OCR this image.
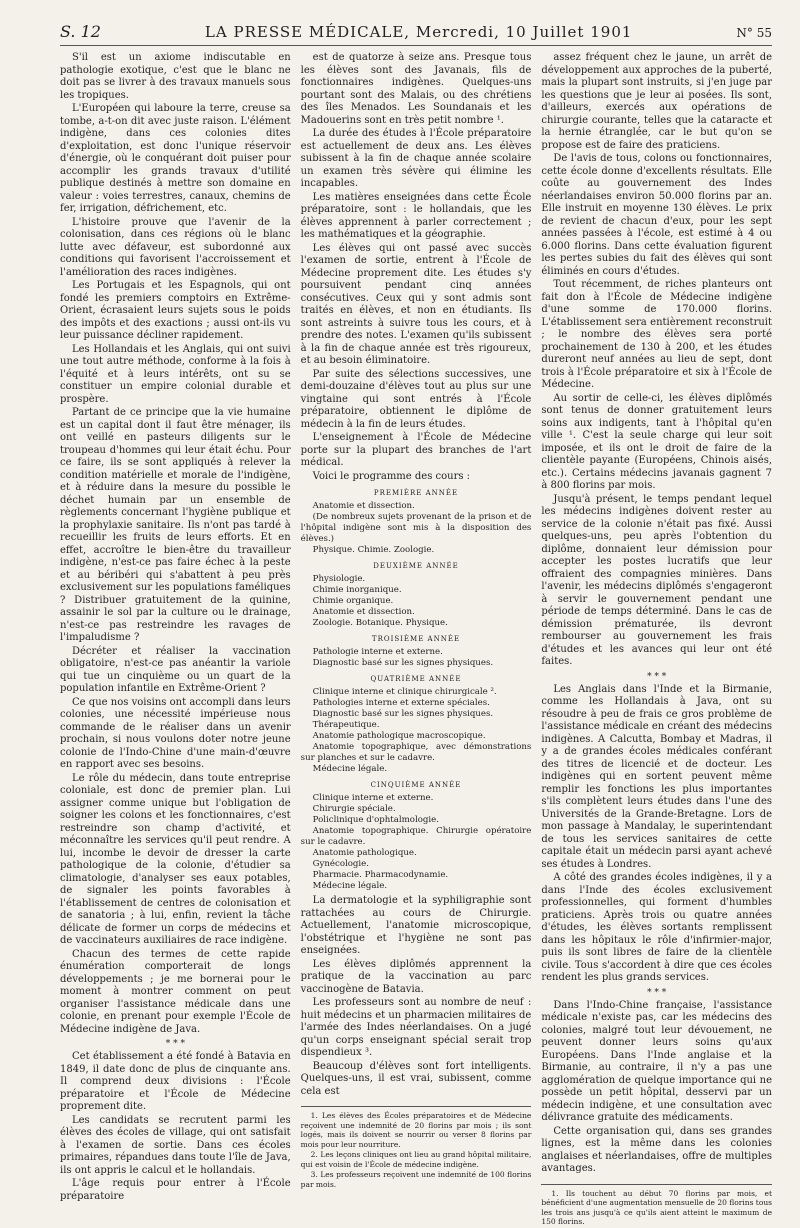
S. 12	LA PRESSE MÉDICALE, Mercredi, 10 Juillet 1901	N° 55

S'il est un axiome indiscutable en pathologie exotique, c'est que le blanc ne doit pas se livrer à des travaux manuels sous les tropiques.

L'Européen qui laboure la terre, creuse sa tombe, a-t-on dit avec juste raison. L'élément indigène, dans ces colonies dites d'exploitation, est donc l'unique réservoir d'énergie, où le conquérant doit puiser pour accomplir les grands travaux d'utilité publique destinés à mettre son domaine en valeur : voies terrestres, canaux, chemins de fer, irrigation, défrichement, etc.

L'histoire prouve que l'avenir de la colonisation, dans ces régions où le blanc lutte avec défaveur, est subordonné aux conditions qui favorisent l'accroissement et l'amélioration des races indigènes.

Les Portugais et les Espagnols, qui ont fondé les premiers comptoirs en Extrême-Orient, écrasaient leurs sujets sous le poids des impôts et des exactions ; aussi ont-ils vu leur puissance décliner rapidement.

Les Hollandais et les Anglais, qui ont suivi une tout autre méthode, conforme à la fois à l'équité et à leurs intérêts, ont su se constituer un empire colonial durable et prospère.

Partant de ce principe que la vie humaine est un capital dont il faut être ménager, ils ont veillé en pasteurs diligents sur le troupeau d'hommes qui leur était échu. Pour ce faire, ils se sont appliqués à relever la condition matérielle et morale de l'indigène, et à réduire dans la mesure du possible le déchet humain par un ensemble de règlements concernant l'hygiène publique et la prophylaxie sanitaire. Ils n'ont pas tardé à recueillir les fruits de leurs efforts. Et en effet, accroître le bien-être du travailleur indigène, n'est-ce pas faire échec à la peste et au béribéri qui s'abattent à peu près exclusivement sur les populations faméliques ? Distribuer gratuitement de la quinine, assainir le sol par la culture ou le drainage, n'est-ce pas restreindre les ravages de l'impaludisme ?

Décréter et réaliser la vaccination obligatoire, n'est-ce pas anéantir la variole qui tue un cinquième ou un quart de la population infantile en Extrême-Orient ?

Ce que nos voisins ont accompli dans leurs colonies, une nécessité impérieuse nous commande de le réaliser dans un avenir prochain, si nous voulons doter notre jeune colonie de l'Indo-Chine d'une main-d'œuvre en rapport avec ses besoins.

Le rôle du médecin, dans toute entreprise coloniale, est donc de premier plan. Lui assigner comme unique but l'obligation de soigner les colons et les fonctionnaires, c'est restreindre son champ d'activité, et méconnaître les services qu'il peut rendre. A lui, incombe le devoir de dresser la carte pathologique de la colonie, d'étudier sa climatologie, d'analyser ses eaux potables, de signaler les points favorables à l'établissement de centres de colonisation et de sanatoria ; à lui, enfin, revient la tâche délicate de former un corps de médecins et de vaccinateurs auxiliaires de race indigène.

Chacun des termes de cette rapide énumération comporterait de longs développements ; je me bornerai pour le moment à montrer comment on peut organiser l'assistance médicale dans une colonie, en prenant pour exemple l'École de Médecine indigène de Java.

* * *

Cet établissement a été fondé à Batavia en 1849, il date donc de plus de cinquante ans. Il comprend deux divisions : l'École préparatoire et l'École de Médecine proprement dite.

Les candidats se recrutent parmi les élèves des écoles de village, qui ont satisfait à l'examen de sortie. Dans ces écoles primaires, répandues dans toute l'île de Java, ils ont appris le calcul et le hollandais.

L'âge requis pour entrer à l'École préparatoire

est de quatorze à seize ans. Presque tous les élèves sont des Javanais, fils de fonctionnaires indigènes. Quelques-uns pourtant sont des Malais, ou des chrétiens des îles Menados. Les Soundanais et les Madouerins sont en très petit nombre ¹.

La durée des études à l'École préparatoire est actuellement de deux ans. Les élèves subissent à la fin de chaque année scolaire un examen très sévère qui élimine les incapables.

Les matières enseignées dans cette École préparatoire, sont : le hollandais, que les élèves apprennent à parler correctement ; les mathématiques et la géographie.

Les élèves qui ont passé avec succès l'examen de sortie, entrent à l'École de Médecine proprement dite. Les études s'y poursuivent pendant cinq années consécutives. Ceux qui y sont admis sont traités en élèves, et non en étudiants. Ils sont astreints à suivre tous les cours, et à prendre des notes. L'examen qu'ils subissent à la fin de chaque année est très rigoureux, et au besoin éliminatoire.

Par suite des sélections successives, une demi-douzaine d'élèves tout au plus sur une vingtaine qui sont entrés à l'École préparatoire, obtiennent le diplôme de médecin à la fin de leurs études.

L'enseignement à l'École de Médecine porte sur la plupart des branches de l'art médical.

Voici le programme des cours :

PREMIÈRE ANNÉE

Anatomie et dissection.

(De nombreux sujets provenant de la prison et de l'hôpital indigène sont mis à la disposition des élèves.)

Physique. Chimie. Zoologie.

DEUXIÈME ANNÉE

Physiologie.

Chimie inorganique.

Chimie organique.

Anatomie et dissection.

Zoologie. Botanique. Physique.

TROISIÈME ANNÉE

Pathologie interne et externe.

Diagnostic basé sur les signes physiques.

QUATRIÈME ANNÉE

Clinique interne et clinique chirurgicale ².

Pathologies interne et externe spéciales.

Diagnostic basé sur les signes physiques.

Thérapeutique.

Anatomie pathologique macroscopique.

Anatomie topographique, avec démonstrations sur planches et sur le cadavre.

Médecine légale.

CINQUIÈME ANNÉE

Clinique interne et externe.

Chirurgie spéciale.

Policlinique d'ophtalmologie.

Anatomie topographique. Chirurgie opératoire sur le cadavre.

Anatomie pathologique.

Gynécologie.

Pharmacie. Pharmacodynamie.

Médecine légale.

La dermatologie et la syphiligraphie sont rattachées au cours de Chirurgie. Actuellement, l'anatomie microscopique, l'obstétrique et l'hygiène ne sont pas enseignées.

Les élèves diplômés apprennent la pratique de la vaccination au parc vaccinogène de Batavia.

Les professeurs sont au nombre de neuf : huit médecins et un pharmacien militaires de l'armée des Indes néerlandaises. On a jugé qu'un corps enseignant spécial serait trop dispendieux ³.

Beaucoup d'élèves sont fort intelligents. Quelques-uns, il est vrai, subissent, comme cela est

1. Les élèves des Écoles préparatoires et de Médecine reçoivent une indemnité de 20 florins par mois ; ils sont logés, mais ils doivent se nourrir ou verser 8 florins par mois pour leur nourriture.

2. Les leçons cliniques ont lieu au grand hôpital militaire, qui est voisin de l'École de médecine indigène.

3. Les professeurs reçoivent une indemnité de 100 florins par mois.

assez fréquent chez le jaune, un arrêt de développement aux approches de la puberté, mais la plupart sont instruits, si j'en juge par les questions que je leur ai posées. Ils sont, d'ailleurs, exercés aux opérations de chirurgie courante, telles que la cataracte et la hernie étranglée, car le but qu'on se propose est de faire des praticiens.

De l'avis de tous, colons ou fonctionnaires, cette école donne d'excellents résultats. Elle coûte au gouvernement des Indes néerlandaises environ 50.000 florins par an. Elle instruit en moyenne 130 élèves. Le prix de revient de chacun d'eux, pour les sept années passées à l'école, est estimé à 4 ou 6.000 florins. Dans cette évaluation figurent les pertes subies du fait des élèves qui sont éliminés en cours d'études.

Tout récemment, de riches planteurs ont fait don à l'École de Médecine indigène d'une somme de 170.000 florins. L'établissement sera entièrement reconstruit ; le nombre des élèves sera porté prochainement de 130 à 200, et les études dureront neuf années au lieu de sept, dont trois à l'École préparatoire et six à l'École de Médecine.

Au sortir de celle-ci, les élèves diplômés sont tenus de donner gratuitement leurs soins aux indigents, tant à l'hôpital qu'en ville ¹. C'est la seule charge qui leur soit imposée, et ils ont le droit de faire de la clientèle payante (Européens, Chinois aisés, etc.). Certains médecins javanais gagnent 7 à 800 florins par mois.

Jusqu'à présent, le temps pendant lequel les médecins indigènes doivent rester au service de la colonie n'était pas fixé. Aussi quelques-uns, peu après l'obtention du diplôme, donnaient leur démission pour accepter les postes lucratifs que leur offraient des compagnies minières. Dans l'avenir, les médecins diplômés s'engageront à servir le gouvernement pendant une période de temps déterminé. Dans le cas de démission prématurée, ils devront rembourser au gouvernement les frais d'études et les avances qui leur ont été faites.

* * *

Les Anglais dans l'Inde et la Birmanie, comme les Hollandais à Java, ont su résoudre à peu de frais ce gros problème de l'assistance médicale en créant des médecins indigènes. A Calcutta, Bombay et Madras, il y a de grandes écoles médicales conférant des titres de licencié et de docteur. Les indigènes qui en sortent peuvent même remplir les fonctions les plus importantes s'ils complètent leurs études dans l'une des Universités de la Grande-Bretagne. Lors de mon passage à Mandalay, le superintendant de tous les services sanitaires de cette capitale était un médecin parsi ayant achevé ses études à Londres.

A côté des grandes écoles indigènes, il y a dans l'Inde des écoles exclusivement professionnelles, qui forment d'humbles praticiens. Après trois ou quatre années d'études, les élèves sortants remplissent dans les hôpitaux le rôle d'infirmier-major, puis ils sont libres de faire de la clientèle civile. Tous s'accordent à dire que ces écoles rendent les plus grands services.

* * *

Dans l'Indo-Chine française, l'assistance médicale n'existe pas, car les médecins des colonies, malgré tout leur dévouement, ne peuvent donner leurs soins qu'aux Européens. Dans l'Inde anglaise et la Birmanie, au contraire, il n'y a pas une agglomération de quelque importance qui ne possède un petit hôpital, desservi par un médecin indigène, et une consultation avec délivrance gratuite des médicaments.

Cette organisation qui, dans ses grandes lignes, est la même dans les colonies anglaises et néerlandaises, offre de multiples avantages.

1. Ils touchent au début 70 florins par mois, et bénéficient d'une augmentation mensuelle de 20 florins tous les trois ans jusqu'à ce qu'ils aient atteint le maximum de 150 florins.
